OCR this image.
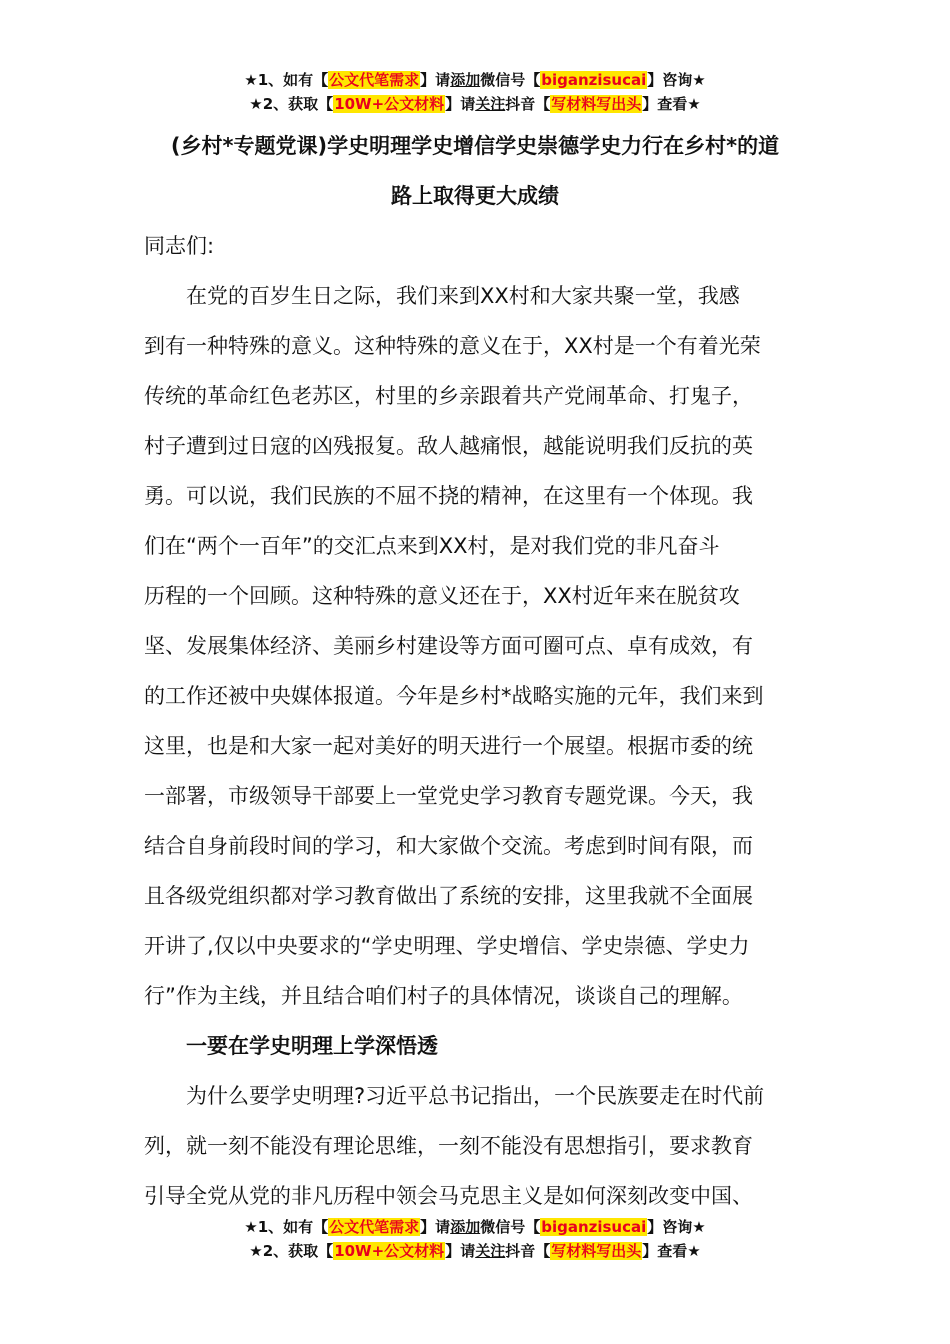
★1、如有【公文代笔需求】请添加微信号【biganzisucai】咨询★
★2、获取【10W+公文材料】请关注抖音【写材料写出头】查看★
(乡村*专题党课)学史明理学史增信学史崇德学史力行在乡村*的道
路上取得更大成绩
同志们:
　　在党的百岁生日之际，我们来到XX村和大家共聚一堂，我感
到有一种特殊的意义。这种特殊的意义在于，XX村是一个有着光荣
传统的革命红色老苏区，村里的乡亲跟着共产党闹革命、打鬼子，
村子遭到过日寇的凶残报复。敌人越痛恨，越能说明我们反抗的英
勇。可以说，我们民族的不屈不挠的精神，在这里有一个体现。我
们在“两个一百年”的交汇点来到XX村，是对我们党的非凡奋斗
历程的一个回顾。这种特殊的意义还在于，XX村近年来在脱贫攻
坚、发展集体经济、美丽乡村建设等方面可圈可点、卓有成效，有
的工作还被中央媒体报道。今年是乡村*战略实施的元年，我们来到
这里，也是和大家一起对美好的明天进行一个展望。根据市委的统
一部署，市级领导干部要上一堂党史学习教育专题党课。今天，我
结合自身前段时间的学习，和大家做个交流。考虑到时间有限，而
且各级党组织都对学习教育做出了系统的安排，这里我就不全面展
开讲了,仅以中央要求的“学史明理、学史增信、学史崇德、学史力
行”作为主线，并且结合咱们村子的具体情况，谈谈自己的理解。
　　一要在学史明理上学深悟透
　　为什么要学史明理?习近平总书记指出，一个民族要走在时代前
列，就一刻不能没有理论思维，一刻不能没有思想指引，要求教育
引导全党从党的非凡历程中领会马克思主义是如何深刻改变中国、
★1、如有【公文代笔需求】请添加微信号【biganzisucai】咨询★
★2、获取【10W+公文材料】请关注抖音【写材料写出头】查看★
